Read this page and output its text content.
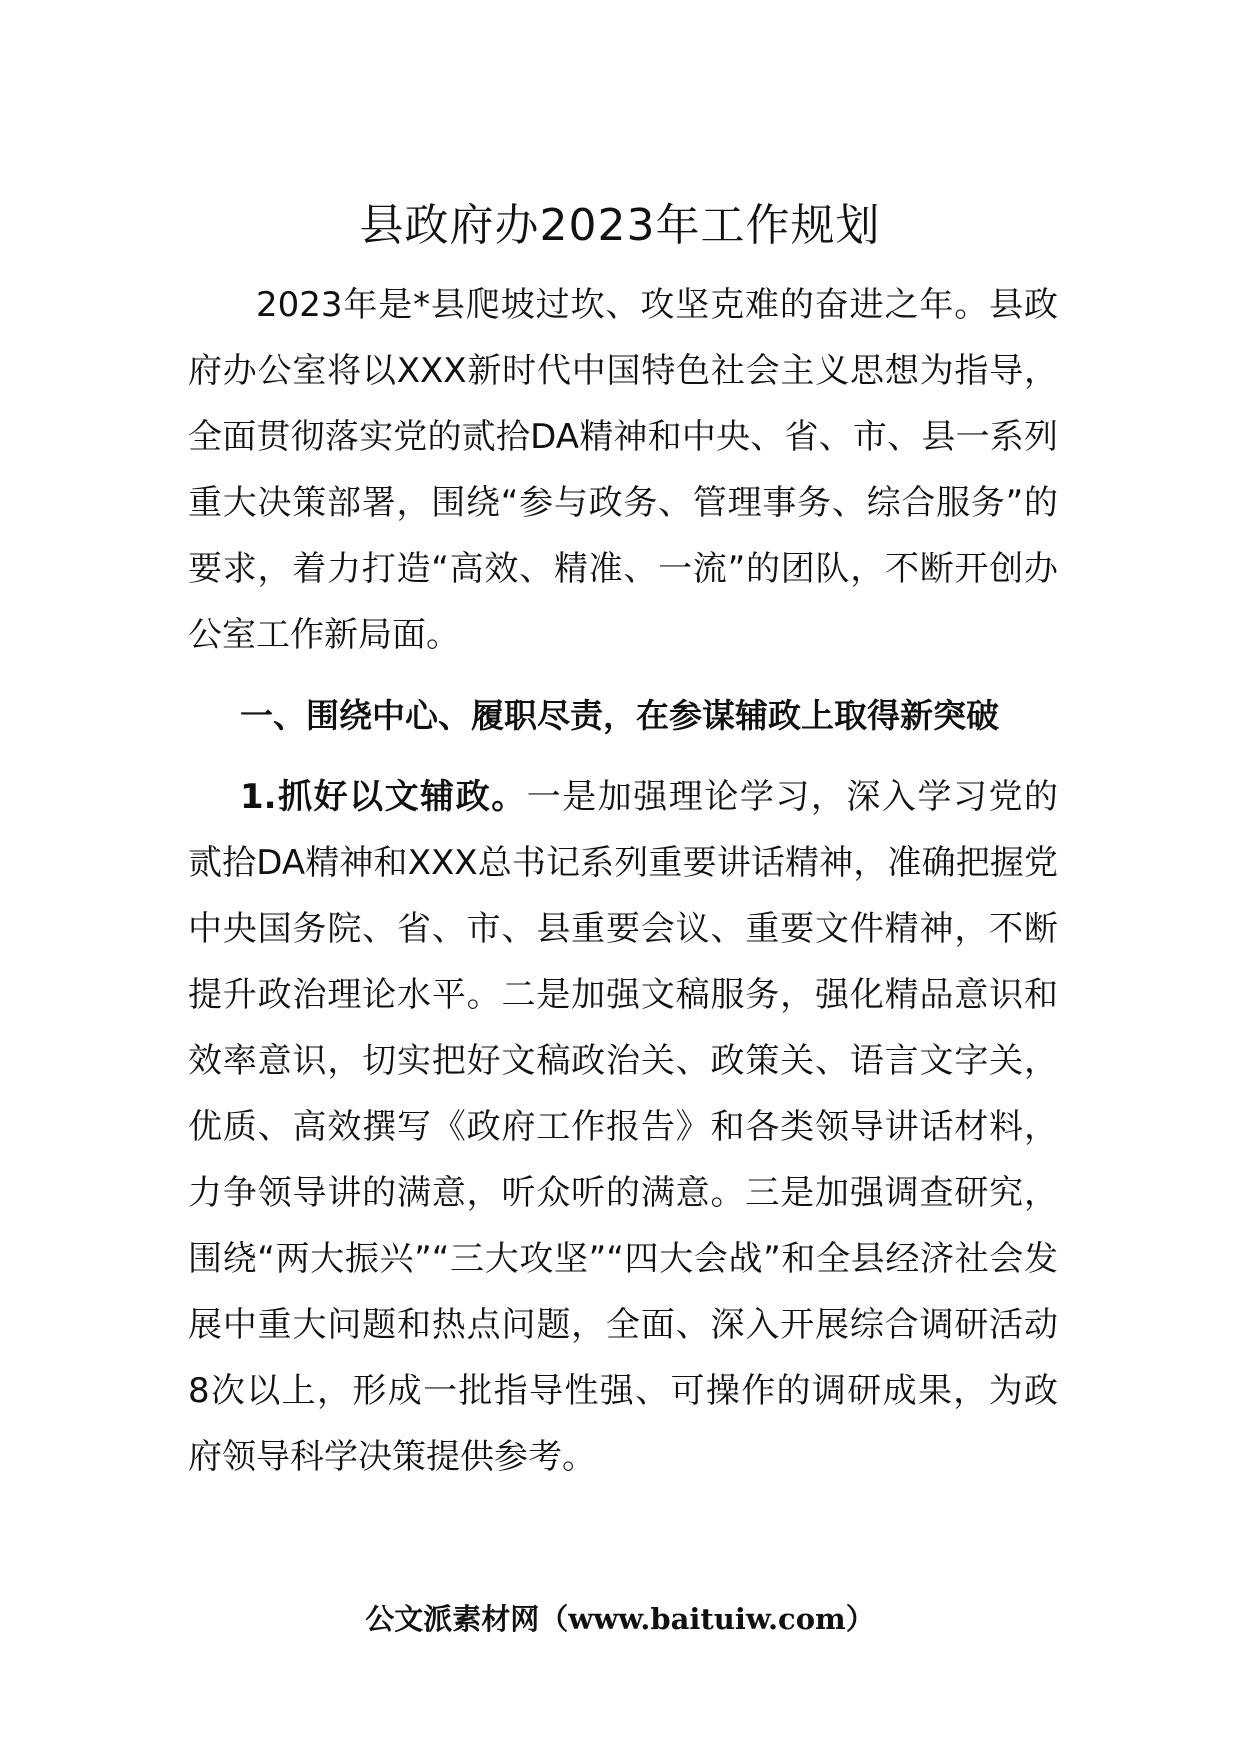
县政府办2023年工作规划

2023年是*县爬坡过坎、攻坚克难的奋进之年。县政府办公室将以XXX新时代中国特色社会主义思想为指导，全面贯彻落实党的贰拾DA精神和中央、省、市、县一系列重大决策部署，围绕“参与政务、管理事务、综合服务”的要求，着力打造“高效、精准、一流”的团队，不断开创办公室工作新局面。

一、围绕中心、履职尽责，在参谋辅政上取得新突破

1.抓好以文辅政。一是加强理论学习，深入学习党的贰拾DA精神和XXX总书记系列重要讲话精神，准确把握党中央国务院、省、市、县重要会议、重要文件精神，不断提升政治理论水平。二是加强文稿服务，强化精品意识和效率意识，切实把好文稿政治关、政策关、语言文字关，优质、高效撰写《政府工作报告》和各类领导讲话材料，力争领导讲的满意，听众听的满意。三是加强调查研究，围绕“两大振兴”“三大攻坚”“四大会战”和全县经济社会发展中重大问题和热点问题，全面、深入开展综合调研活动8次以上，形成一批指导性强、可操作的调研成果，为政府领导科学决策提供参考。

公文派素材网（www.baituiw.com）
